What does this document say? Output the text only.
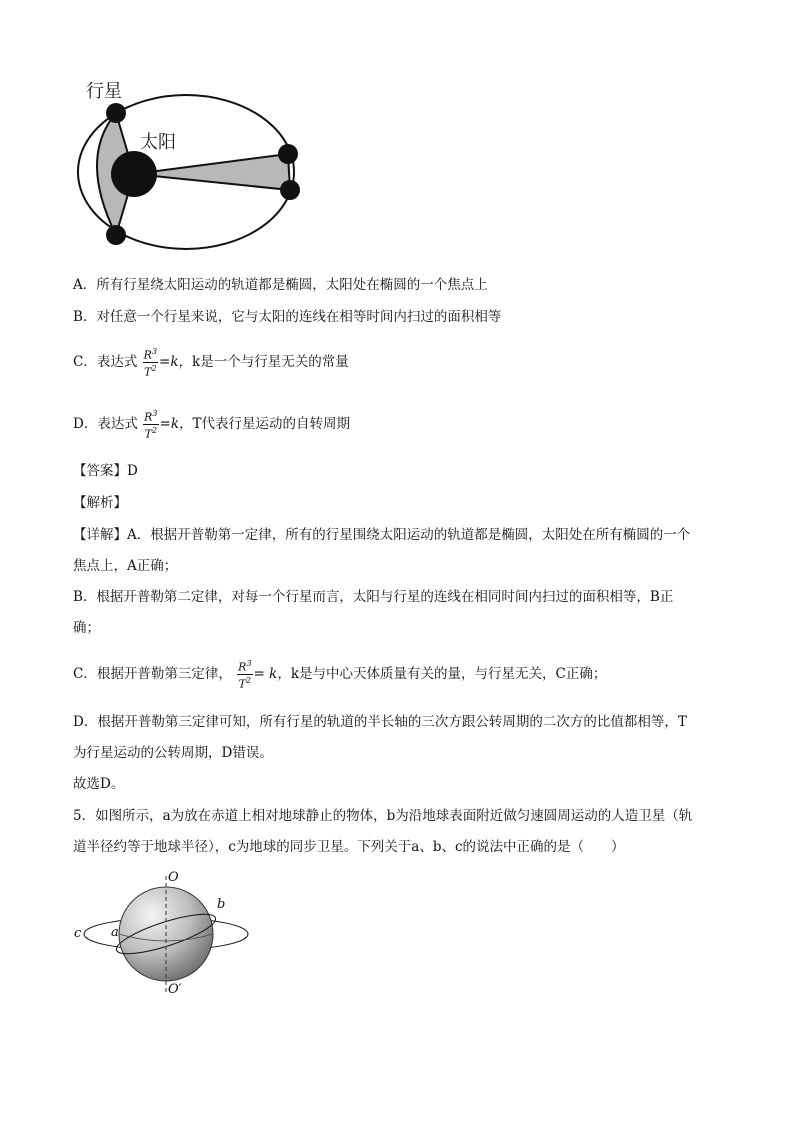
行星
太阳
A．所有行星绕太阳运动的轨道都是椭圆，太阳处在椭圆的一个焦点上
B．对任意一个行星来说，它与太阳的连线在相等时间内扫过的面积相等
C．表达式 $\frac{R^3}{T^2} =k$，k是一个与行星无关的常量
D．表达式 $\frac{R^3}{T^2} =k$，T代表行星运动的自转周期
【答案】D
【解析】
【详解】A．根据开普勒第一定律，所有的行星围绕太阳运动的轨道都是椭圆，太阳处在所有椭圆的一个
焦点上，A正确；
B．根据开普勒第二定律，对每一个行星而言，太阳与行星的连线在相同时间内扫过的面积相等，B正
确；
C．根据开普勒第三定律， $\frac{R^3}{T^2} = k$，k是与中心天体质量有关的量，与行星无关，C正确；
D．根据开普勒第三定律可知，所有行星的轨道的半长轴的三次方跟公转周期的二次方的比值都相等，T
为行星运动的公转周期，D错误。
故选D。
5．如图所示，a为放在赤道上相对地球静止的物体，b为沿地球表面附近做匀速圆周运动的人造卫星（轨
道半径约等于地球半径），c为地球的同步卫星。下列关于a、b、c的说法中正确的是（　　）
O
O′
a
b
c
